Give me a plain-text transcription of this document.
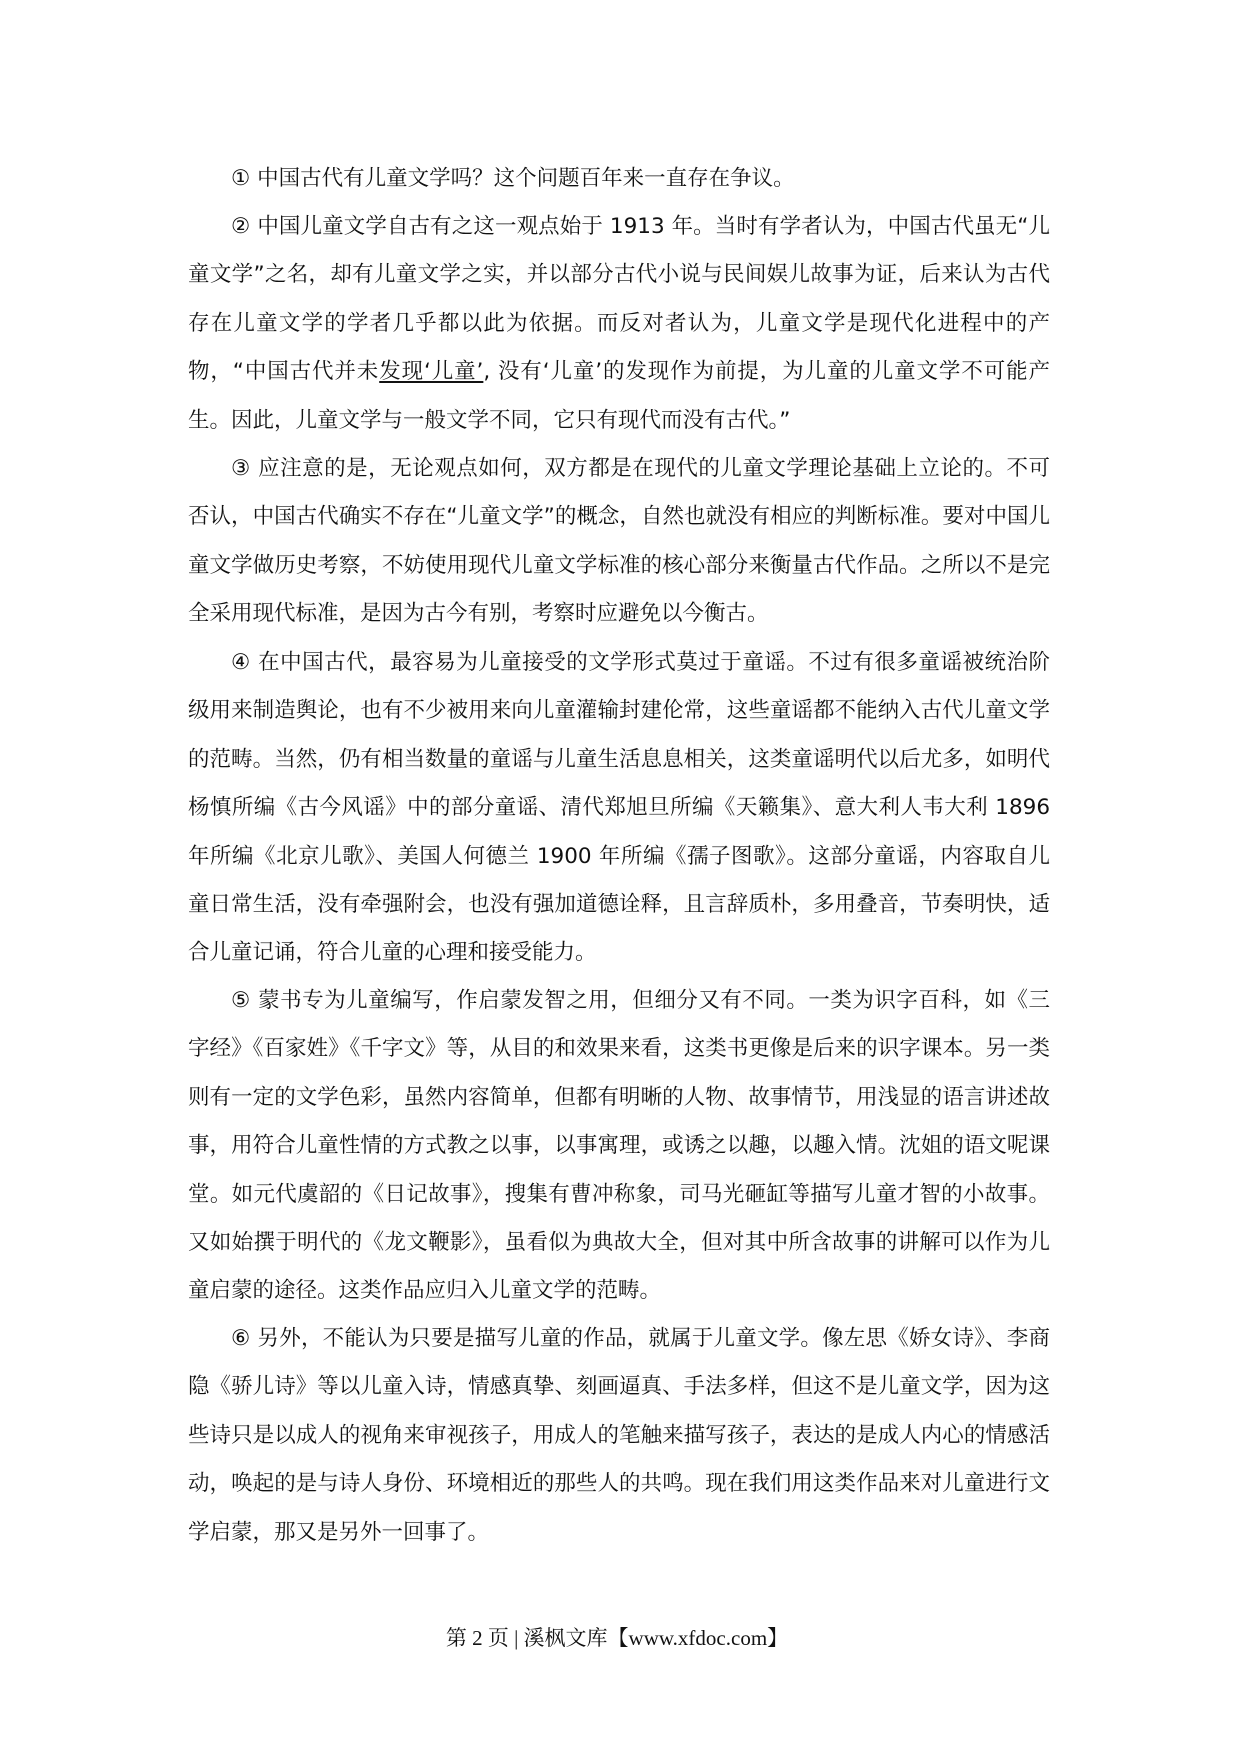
① 中国古代有儿童文学吗？这个问题百年来一直存在争议。

② 中国儿童文学自古有之这一观点始于 1913 年。当时有学者认为，中国古代虽无“儿童文学”之名，却有儿童文学之实，并以部分古代小说与民间娱儿故事为证，后来认为古代存在儿童文学的学者几乎都以此为依据。而反对者认为，儿童文学是现代化进程中的产物，“中国古代并未发现‘儿童’, 没有‘儿童’的发现作为前提，为儿童的儿童文学不可能产生。因此，儿童文学与一般文学不同，它只有现代而没有古代。”

③ 应注意的是，无论观点如何，双方都是在现代的儿童文学理论基础上立论的。不可否认，中国古代确实不存在“儿童文学”的概念，自然也就没有相应的判断标准。要对中国儿童文学做历史考察，不妨使用现代儿童文学标准的核心部分来衡量古代作品。之所以不是完全采用现代标准，是因为古今有别，考察时应避免以今衡古。

④ 在中国古代，最容易为儿童接受的文学形式莫过于童谣。不过有很多童谣被统治阶级用来制造舆论，也有不少被用来向儿童灌输封建伦常，这些童谣都不能纳入古代儿童文学的范畴。当然，仍有相当数量的童谣与儿童生活息息相关，这类童谣明代以后尤多，如明代杨慎所编《古今风谣》中的部分童谣、清代郑旭旦所编《天籁集》、意大利人韦大利 1896 年所编《北京儿歌》、美国人何德兰 1900 年所编《孺子图歌》。这部分童谣，内容取自儿童日常生活，没有牵强附会，也没有强加道德诠释，且言辞质朴，多用叠音，节奏明快，适合儿童记诵，符合儿童的心理和接受能力。

⑤ 蒙书专为儿童编写，作启蒙发智之用，但细分又有不同。一类为识字百科，如《三字经》《百家姓》《千字文》等，从目的和效果来看，这类书更像是后来的识字课本。另一类则有一定的文学色彩，虽然内容简单，但都有明晰的人物、故事情节，用浅显的语言讲述故事，用符合儿童性情的方式教之以事，以事寓理，或诱之以趣，以趣入情。沈姐的语文呢课堂。如元代虞韶的《日记故事》，搜集有曹冲称象，司马光砸缸等描写儿童才智的小故事。又如始撰于明代的《龙文鞭影》，虽看似为典故大全，但对其中所含故事的讲解可以作为儿童启蒙的途径。这类作品应归入儿童文学的范畴。

⑥ 另外，不能认为只要是描写儿童的作品，就属于儿童文学。像左思《娇女诗》、李商隐《骄儿诗》等以儿童入诗，情感真挚、刻画逼真、手法多样，但这不是儿童文学，因为这些诗只是以成人的视角来审视孩子，用成人的笔触来描写孩子，表达的是成人内心的情感活动，唤起的是与诗人身份、环境相近的那些人的共鸣。现在我们用这类作品来对儿童进行文学启蒙，那又是另外一回事了。

第 2 页 | 溪枫文库【www.xfdoc.com】
